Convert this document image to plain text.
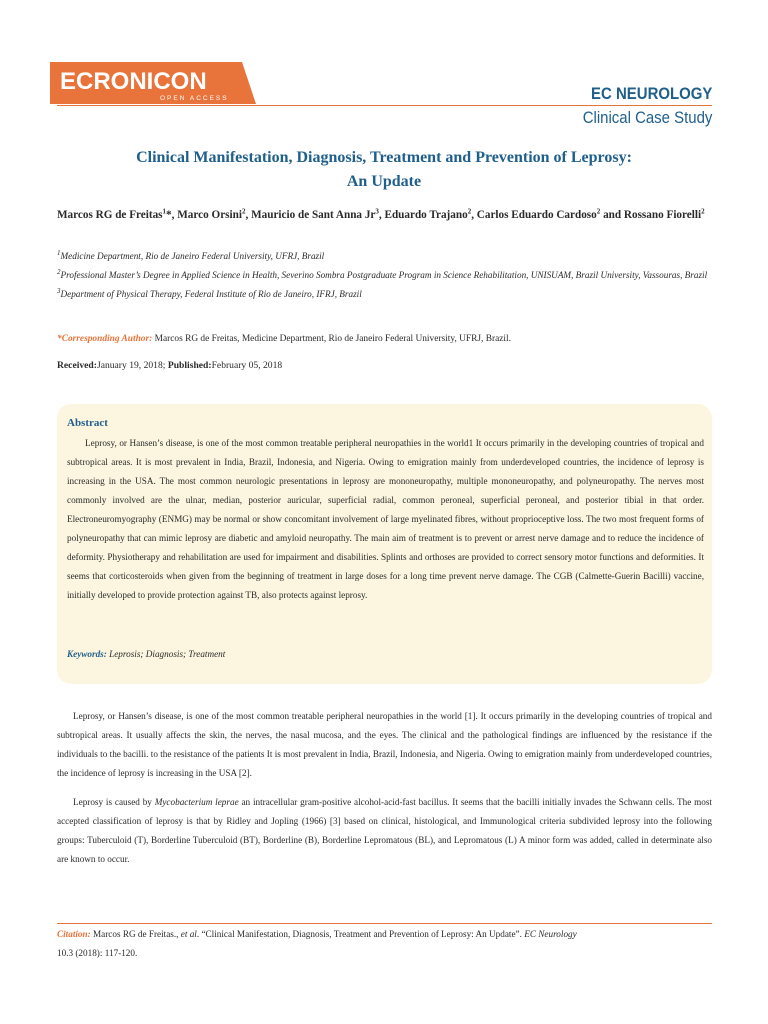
ECRONICON
OPEN ACCESS	EC NEUROLOGY
Clinical Case Study
Clinical Manifestation, Diagnosis, Treatment and Prevention of Leprosy:
An Update
Marcos RG de Freitas$^1$*, Marco Orsini$^2$, Mauricio de Sant Anna Jr$^3$, Eduardo Trajano$^2$, Carlos Eduardo Cardoso$^2$ and Rossano Fiorelli$^2$
$^1$Medicine Department, Rio de Janeiro Federal University, UFRJ, Brazil
$^2$Professional Master’s Degree in Applied Science in Health, Severino Sombra Postgraduate Program in Science Rehabilitation, UNISUAM, Brazil University, Vassouras, Brazil
$^3$Department of Physical Therapy, Federal Institute of Rio de Janeiro, IFRJ, Brazil
*Corresponding Author: Marcos RG de Freitas, Medicine Department, Rio de Janeiro Federal University, UFRJ, Brazil.
Received:January 19, 2018; Published:February 05, 2018
Abstract
Leprosy, or Hansen’s disease, is one of the most common treatable peripheral neuropathies in the world1 It occurs primarily in the developing countries of tropical and subtropical areas. It is most prevalent in India, Brazil, Indonesia, and Nigeria. Owing to emigration mainly from underdeveloped countries, the incidence of leprosy is increasing in the USA. The most common neurologic presentations in leprosy are mononeuropathy, multiple mononeuropathy, and polyneuropathy. The nerves most commonly involved are the ulnar, median, posterior auricular, superficial radial, common peroneal, superficial peroneal, and posterior tibial in that order. Electroneuromyography (ENMG) may be normal or show concomitant involvement of large myelinated fibres, without proprioceptive loss. The two most frequent forms of polyneuropathy that can mimic leprosy are diabetic and amyloid neuropathy. The main aim of treatment is to prevent or arrest nerve damage and to reduce the incidence of deformity. Physiotherapy and rehabilitation are used for impairment and disabilities. Splints and orthoses are provided to correct sensory motor functions and deformities. It seems that corticosteroids when given from the beginning of treatment in large doses for a long time prevent nerve damage. The CGB (Calmette-Guerin Bacilli) vaccine, initially developed to provide protection against TB, also protects against leprosy.
Keywords: Leprosis; Diagnosis; Treatment

Leprosy, or Hansen’s disease, is one of the most common treatable peripheral neuropathies in the world [1]. It occurs primarily in the developing countries of tropical and subtropical areas. It usually affects the skin, the nerves, the nasal mucosa, and the eyes. The clinical and the pathological findings are influenced by the resistance if the individuals to the bacilli. to the resistance of the patients It is most prevalent in India, Brazil, Indonesia, and Nigeria. Owing to emigration mainly from underdeveloped countries, the incidence of leprosy is increasing in the USA [2].

Leprosy is caused by Mycobacterium leprae an intracellular gram-positive alcohol-acid-fast bacillus. It seems that the bacilli initially invades the Schwann cells. The most accepted classification of leprosy is that by Ridley and Jopling (1966) [3] based on clinical, histological, and Immunological criteria subdivided leprosy into the following groups: Tuberculoid (T), Borderline Tuberculoid (BT), Borderline (B), Borderline Lepromatous (BL), and Lepromatous (L) A minor form was added, called in determinate also are known to occur.

Citation: Marcos RG de Freitas., et al. “Clinical Manifestation, Diagnosis, Treatment and Prevention of Leprosy: An Update”. EC Neurology
10.3 (2018): 117-120.
